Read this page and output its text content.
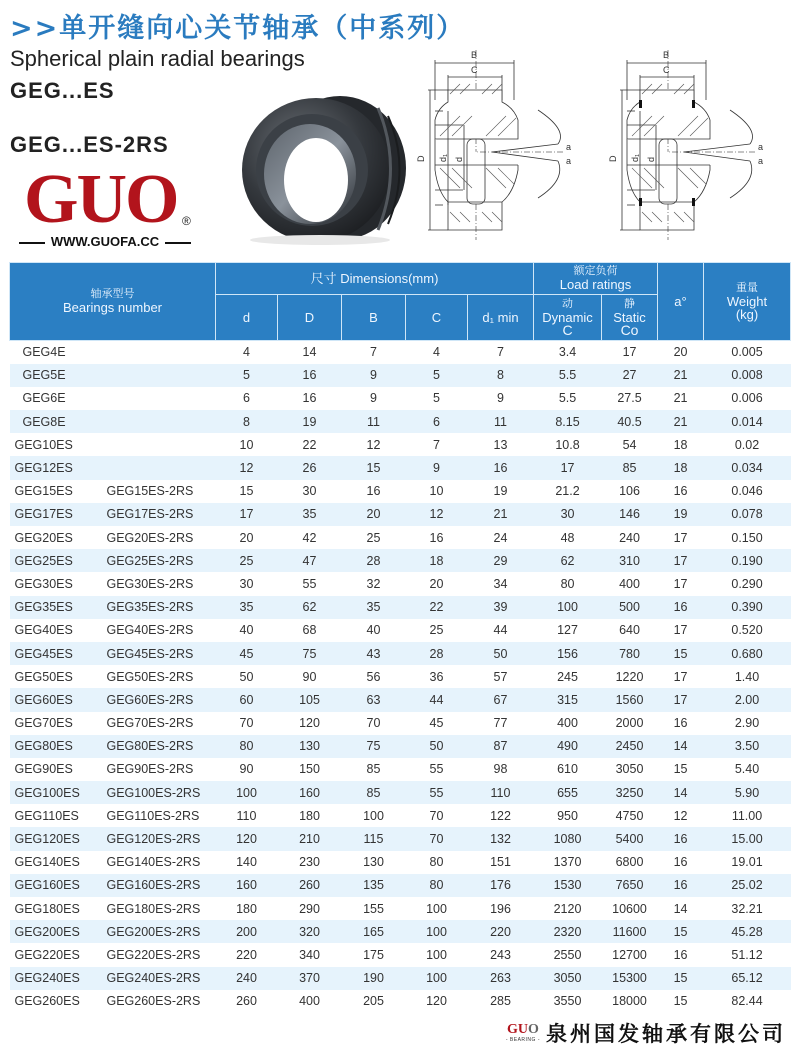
>>单开缝向心关节轴承（中系列）
Spherical plain radial bearings
GEG...ES
GEG...ES-2RS
GUO ®
WWW.GUOFA.CC
B
C
D d₁ d
a
a
B
C
D d₁ d
a
a
轴承型号
Bearings number		尺寸 Dimensions(mm)					额定负荷
Load ratings		a°	重量
Weight
(kg)

		d	D	B	C	d₁ min	动
Dynamic
C	静
Static
Co		

GEG4E		4	14	7	4	7	3.4	17	20	0.005
GEG5E		5	16	9	5	8	5.5	27	21	0.008
GEG6E		6	16	9	5	9	5.5	27.5	21	0.006
GEG8E		8	19	11	6	11	8.15	40.5	21	0.014
GEG10ES		10	22	12	7	13	10.8	54	18	0.02
GEG12ES		12	26	15	9	16	17	85	18	0.034
GEG15ES	GEG15ES-2RS	15	30	16	10	19	21.2	106	16	0.046
GEG17ES	GEG17ES-2RS	17	35	20	12	21	30	146	19	0.078
GEG20ES	GEG20ES-2RS	20	42	25	16	24	48	240	17	0.150
GEG25ES	GEG25ES-2RS	25	47	28	18	29	62	310	17	0.190
GEG30ES	GEG30ES-2RS	30	55	32	20	34	80	400	17	0.290
GEG35ES	GEG35ES-2RS	35	62	35	22	39	100	500	16	0.390
GEG40ES	GEG40ES-2RS	40	68	40	25	44	127	640	17	0.520
GEG45ES	GEG45ES-2RS	45	75	43	28	50	156	780	15	0.680
GEG50ES	GEG50ES-2RS	50	90	56	36	57	245	1220	17	1.40
GEG60ES	GEG60ES-2RS	60	105	63	44	67	315	1560	17	2.00
GEG70ES	GEG70ES-2RS	70	120	70	45	77	400	2000	16	2.90
GEG80ES	GEG80ES-2RS	80	130	75	50	87	490	2450	14	3.50
GEG90ES	GEG90ES-2RS	90	150	85	55	98	610	3050	15	5.40
GEG100ES	GEG100ES-2RS	100	160	85	55	110	655	3250	14	5.90
GEG110ES	GEG110ES-2RS	110	180	100	70	122	950	4750	12	11.00
GEG120ES	GEG120ES-2RS	120	210	115	70	132	1080	5400	16	15.00
GEG140ES	GEG140ES-2RS	140	230	130	80	151	1370	6800	16	19.01
GEG160ES	GEG160ES-2RS	160	260	135	80	176	1530	7650	16	25.02
GEG180ES	GEG180ES-2RS	180	290	155	100	196	2120	10600	14	32.21
GEG200ES	GEG200ES-2RS	200	320	165	100	220	2320	11600	15	45.28
GEG220ES	GEG220ES-2RS	220	340	175	100	243	2550	12700	16	51.12
GEG240ES	GEG240ES-2RS	240	370	190	100	263	3050	15300	15	65.12
GEG260ES	GEG260ES-2RS	260	400	205	120	285	3550	18000	15	82.44
GUO
- BEARING - 泉州国发轴承有限公司
